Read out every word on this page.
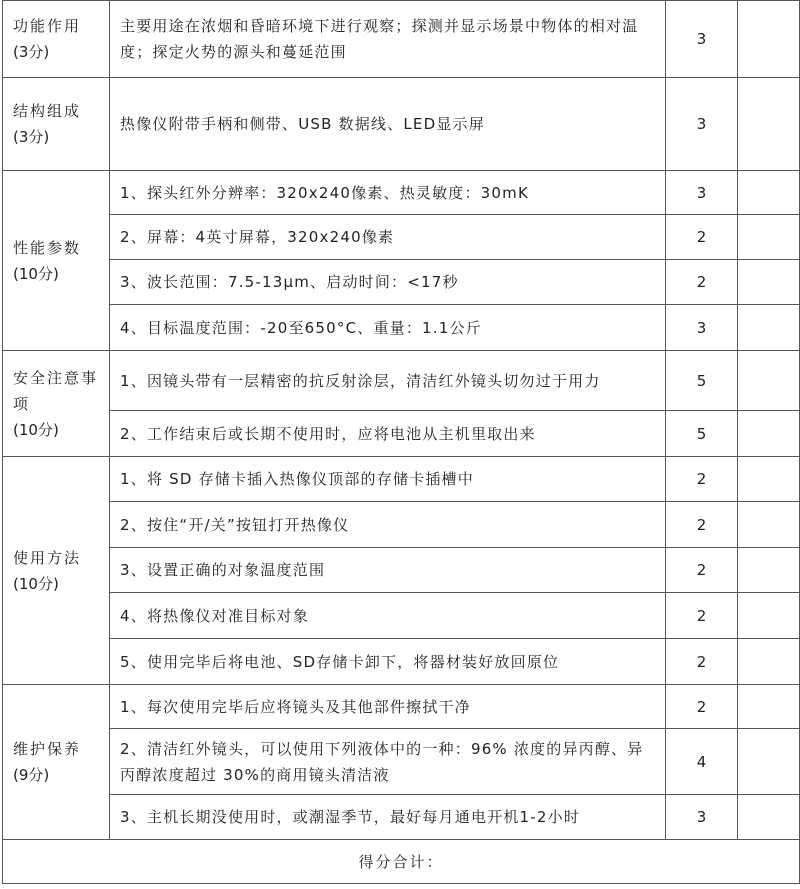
功能作用
(3分)	主要用途在浓烟和昏暗环境下进行观察；探测并显示场景中物体的相对温度；探定火势的源头和蔓延范围	3	

结构组成
(3分)	热像仪附带手柄和侧带、USB 数据线、LED显示屏	3	

性能参数
(10分)	1、探头红外分辨率：320x240像素、热灵敏度：30mK	3	
	2、屏幕：4英寸屏幕，320x240像素	2	
	3、波长范围：7.5-13μm、启动时间：<17秒	2	
	4、目标温度范围：-20至650°C、重量：1.1公斤	3	

安全注意事项
(10分)	1、因镜头带有一层精密的抗反射涂层，清洁红外镜头切勿过于用力	5	
	2、工作结束后或长期不使用时，应将电池从主机里取出来	5	

使用方法
(10分)	1、将 SD 存储卡插入热像仪顶部的存储卡插槽中	2	
	2、按住“开/关”按钮打开热像仪	2	
	3、设置正确的对象温度范围	2	
	4、将热像仪对准目标对象	2	
	5、使用完毕后将电池、SD存储卡卸下，将器材装好放回原位	2	

维护保养
(9分)	1、每次使用完毕后应将镜头及其他部件擦拭干净	2	
	2、清洁红外镜头，可以使用下列液体中的一种：96% 浓度的异丙醇、异丙醇浓度超过 30%的商用镜头清洁液	4	
	3、主机长期没使用时，或潮湿季节，最好每月通电开机1-2小时	3	
得分合计：			
